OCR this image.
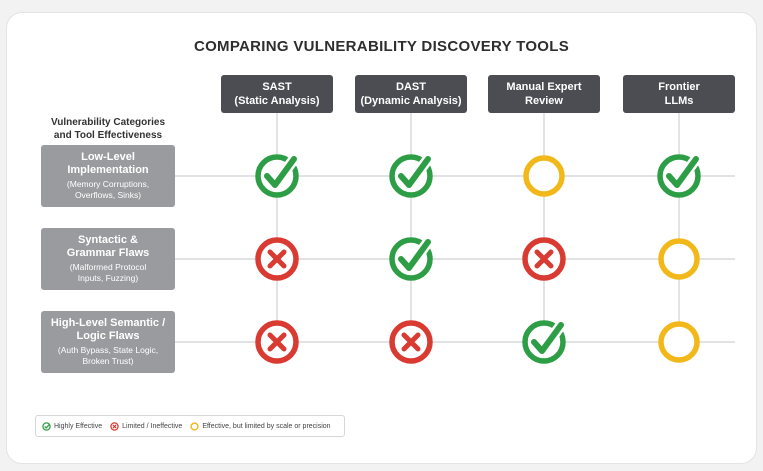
COMPARING VULNERABILITY DISCOVERY TOOLS
SAST
(Static Analysis)
DAST
(Dynamic Analysis)
Manual Expert
Review
Frontier
LLMs
Vulnerability Categories
and Tool Effectiveness
Low-Level
Implementation
(Memory Corruptions,
Overflows, Sinks)
Syntactic &
Grammar Flaws
(Malformed Protocol
Inputs, Fuzzing)
High-Level Semantic /
Logic Flaws
(Auth Bypass, State Logic,
Broken Trust)
Highly Effective	Limited / Ineffective	Effective, but limited by scale or precision
